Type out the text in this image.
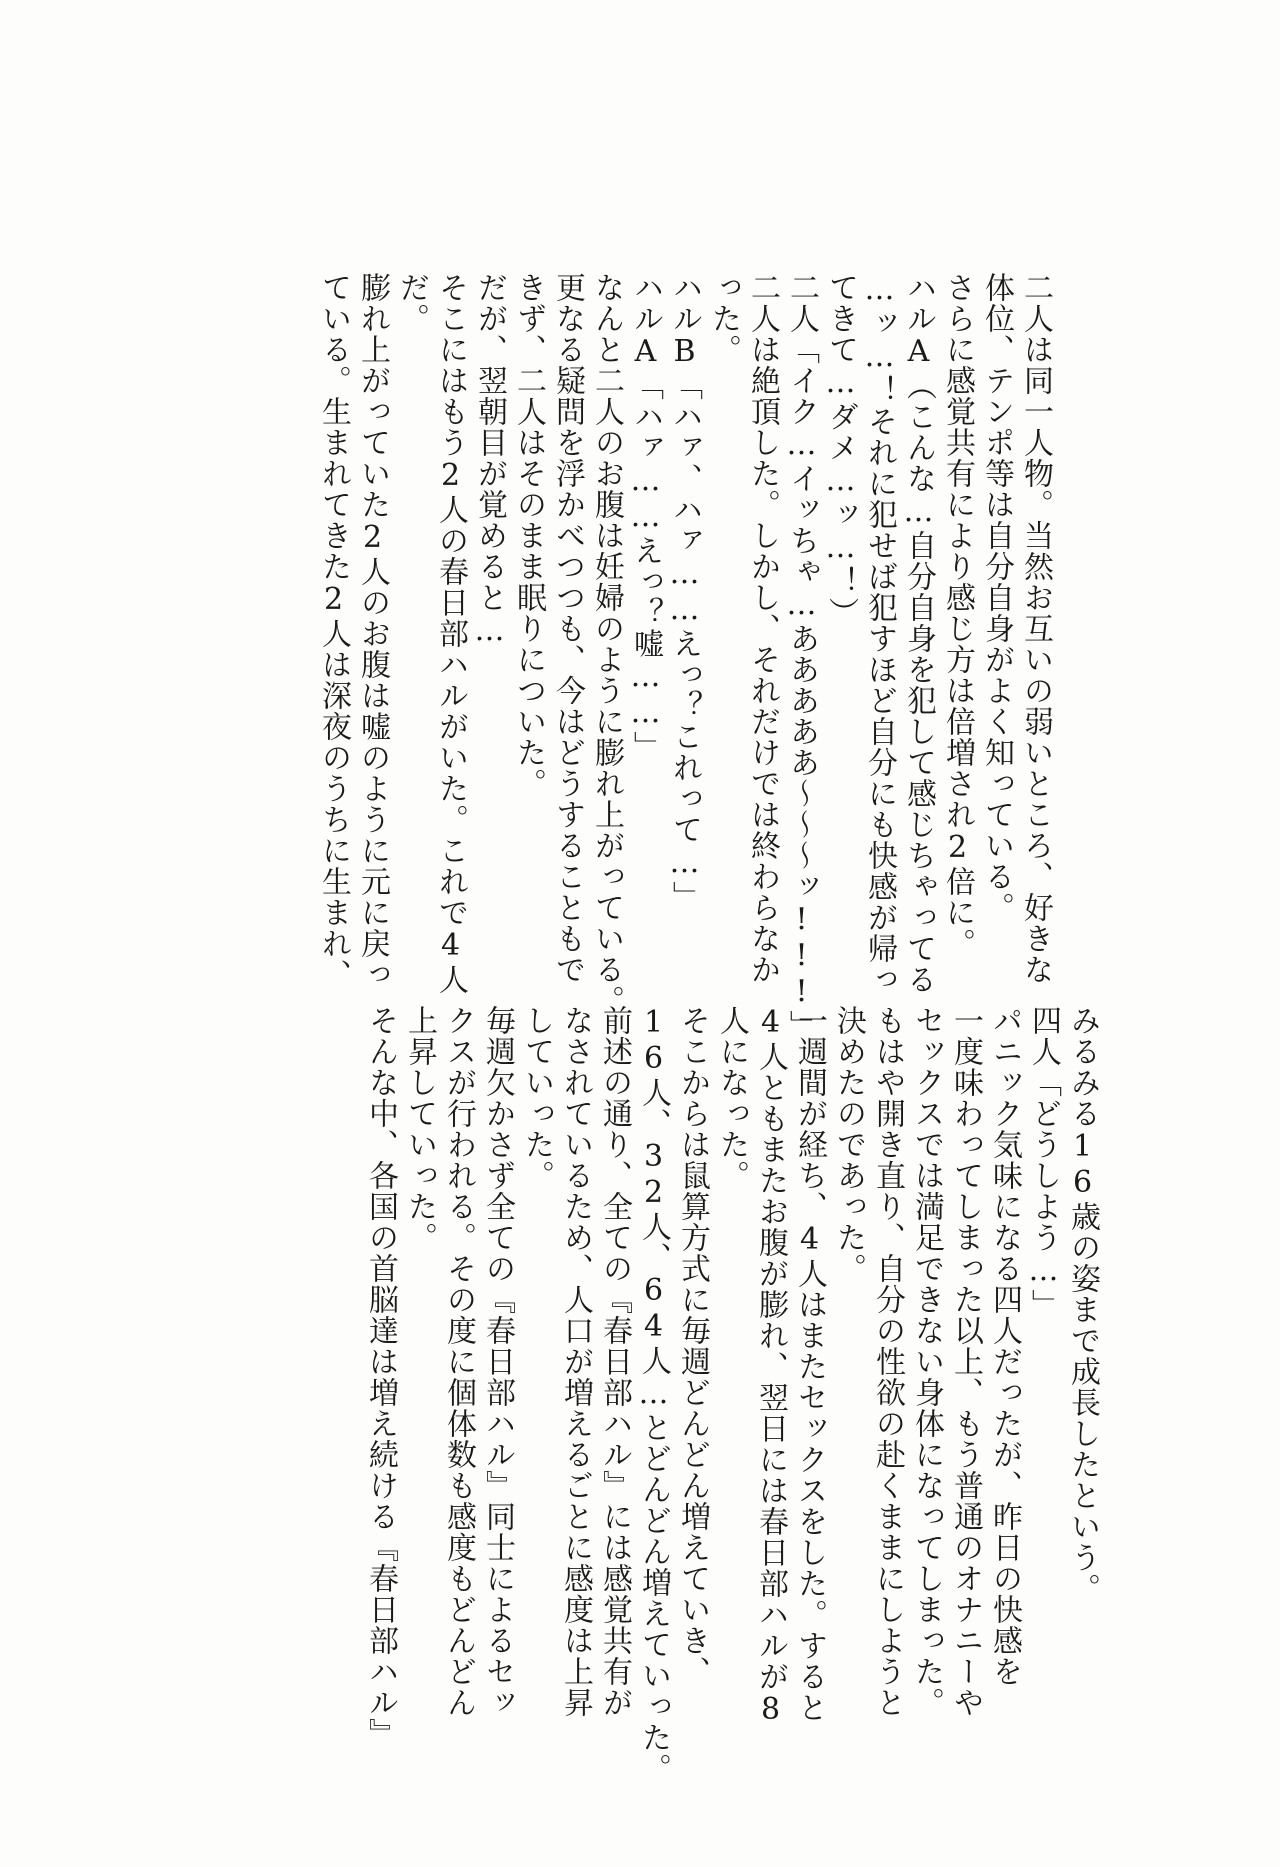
二人は同一人物。当然お互いの弱いところ、好きな
体位、テンポ等は自分自身がよく知っている。
さらに感覚共有により感じ方は倍増され2倍に。
ハルA（こんな…自分自身を犯して感じちゃってる
…ッ…！それに犯せば犯すほど自分にも快感が帰っ
てきて…ダメ…ッ…！）
二人「イク…イッちゃ…あああああ～～～ッ!!!」
二人は絶頂した。しかし、それだけでは終わらなか
った。
ハルB「ハァ、ハァ……えっ？これって…」
ハルA「ハァ……えっ？嘘……」
なんと二人のお腹は妊婦のように膨れ上がっている。
更なる疑問を浮かべつつも、今はどうすることもで
きず、二人はそのまま眠りについた。
だが、翌朝目が覚めると…
そこにはもう2人の春日部ハルがいた。これで4人
だ。
膨れ上がっていた2人のお腹は嘘のように元に戻っ
ている。生まれてきた2人は深夜のうちに生まれ、
みるみる16歳の姿まで成長したという。
四人「どうしよう…」
パニック気味になる四人だったが、昨日の快感を
一度味わってしまった以上、もう普通のオナニーや
セックスでは満足できない身体になってしまった。
もはや開き直り、自分の性欲の赴くままにしようと
決めたのであった。
一週間が経ち、4人はまたセックスをした。すると
4人ともまたお腹が膨れ、翌日には春日部ハルが8
人になった。
そこからは鼠算方式に毎週どんどん増えていき、
16人、32人、64人…とどんどん増えていった。
前述の通り、全ての『春日部ハル』には感覚共有が
なされているため、人口が増えるごとに感度は上昇
していった。
毎週欠かさず全ての『春日部ハル』同士によるセッ
クスが行われる。その度に個体数も感度もどんどん
上昇していった。
そんな中、各国の首脳達は増え続ける『春日部ハル』
